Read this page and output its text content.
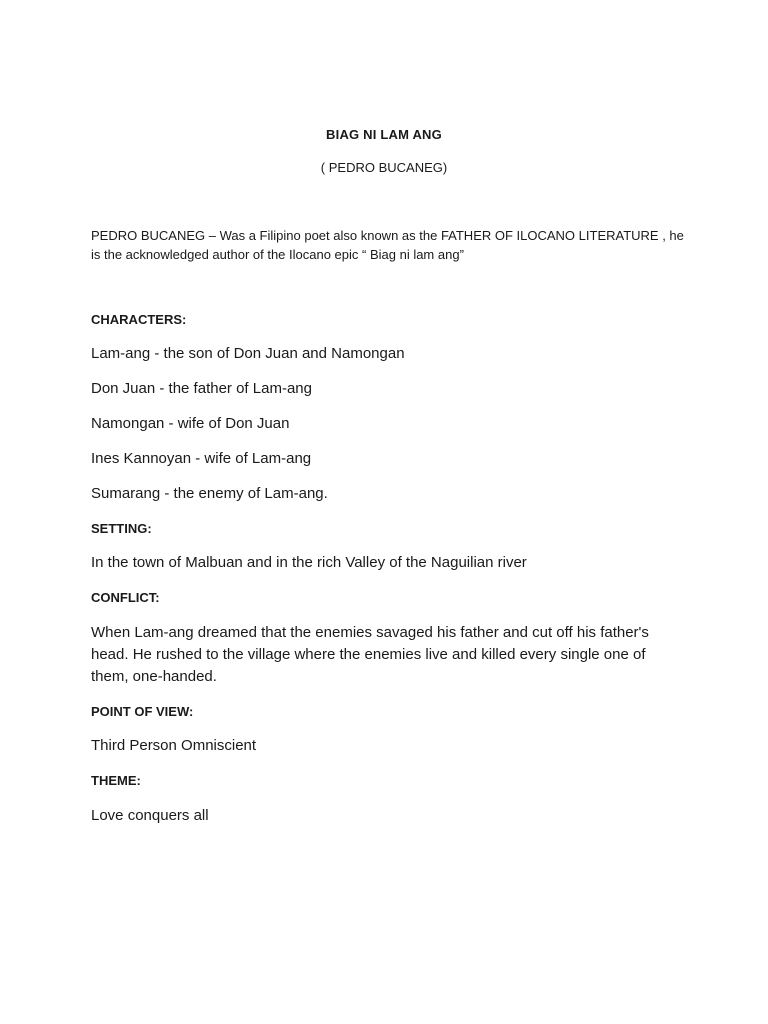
BIAG NI LAM ANG
( PEDRO BUCANEG)
PEDRO BUCANEG – Was a Filipino poet also known as the FATHER OF ILOCANO LITERATURE , he is the acknowledged author of the Ilocano epic “ Biag ni lam ang”
CHARACTERS:
Lam-ang - the son of Don Juan and Namongan
Don Juan - the father of Lam-ang
Namongan - wife of Don Juan
Ines Kannoyan - wife of Lam-ang
Sumarang - the enemy of Lam-ang.
SETTING:
In the town of Malbuan and in the rich Valley of the Naguilian river
CONFLICT:
When Lam-ang dreamed that the enemies savaged his father and cut off his father's head. He rushed to the village where the enemies live and killed every single one of them, one-handed.
POINT OF VIEW:
Third Person Omniscient
THEME:
Love conquers all
